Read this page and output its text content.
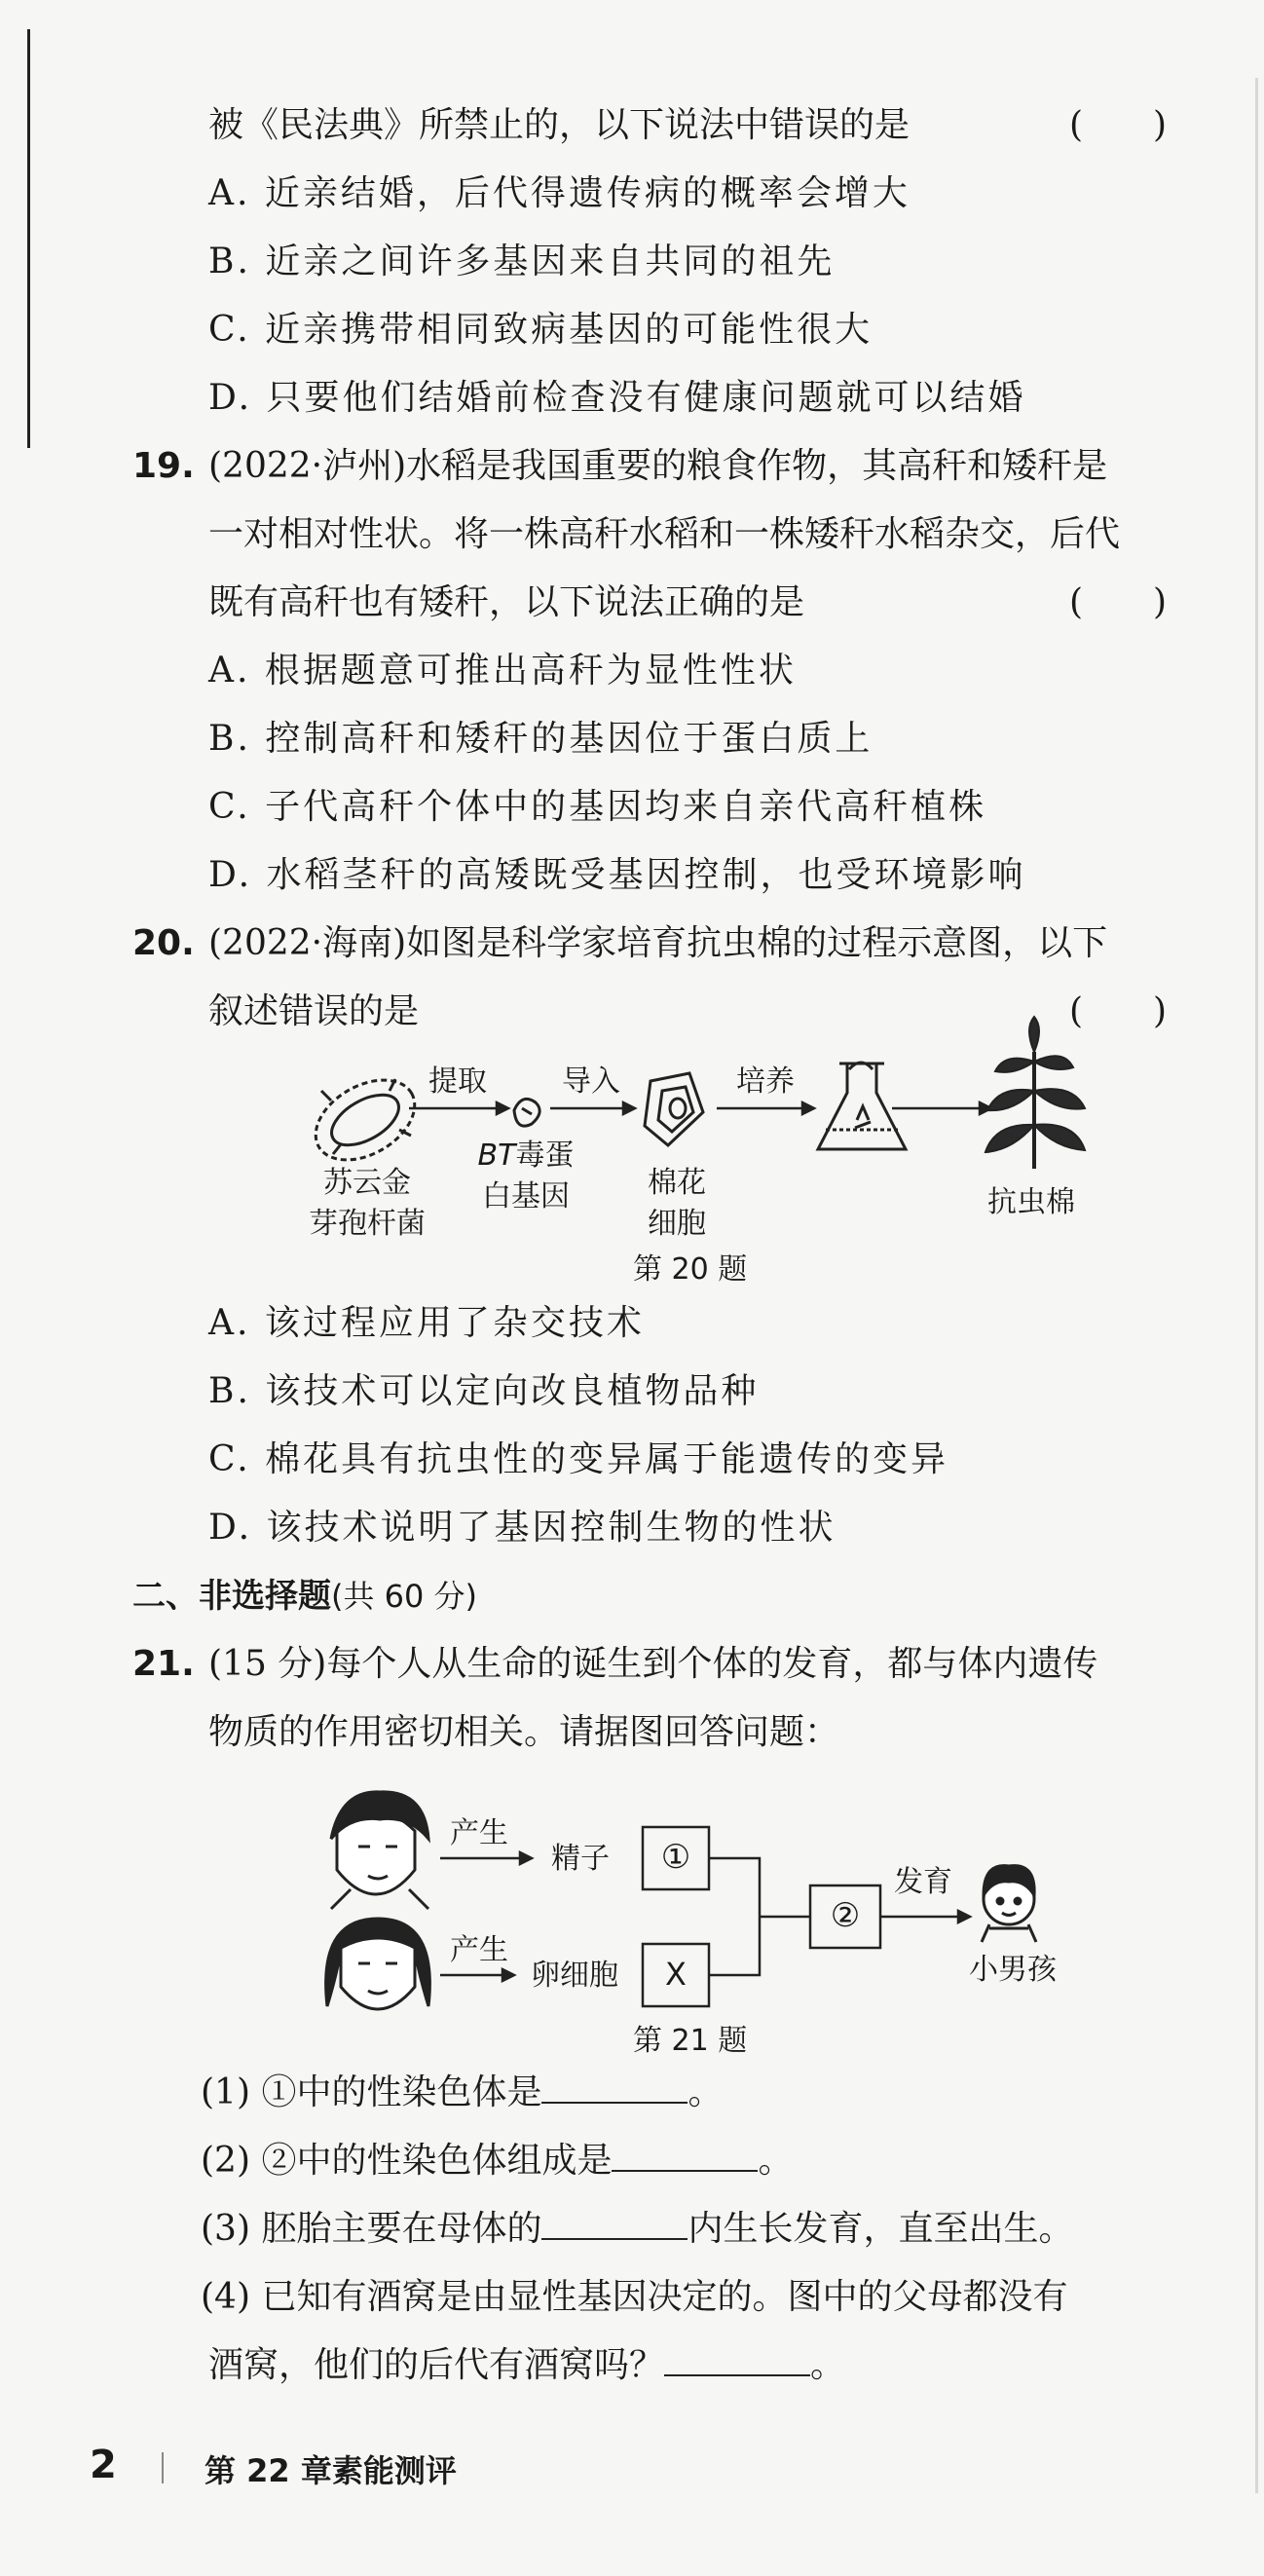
被《民法典》所禁止的，以下说法中错误的是	(　　)
A. 近亲结婚，后代得遗传病的概率会增大
B. 近亲之间许多基因来自共同的祖先
C. 近亲携带相同致病基因的可能性很大
D. 只要他们结婚前检查没有健康问题就可以结婚
19. (2022·泸州)水稻是我国重要的粮食作物，其高秆和矮秆是
一对相对性状。将一株高秆水稻和一株矮秆水稻杂交，后代
既有高秆也有矮秆，以下说法正确的是	(　　)
A. 根据题意可推出高秆为显性性状
B. 控制高秆和矮秆的基因位于蛋白质上
C. 子代高秆个体中的基因均来自亲代高秆植株
D. 水稻茎秆的高矮既受基因控制，也受环境影响
20. (2022·海南)如图是科学家培育抗虫棉的过程示意图，以下
叙述错误的是	(　　)
提取	导入	培养
苏云金
芽孢杆菌
BT毒蛋
白基因	棉花
细胞
抗虫棉
第 20 题
A. 该过程应用了杂交技术
B. 该技术可以定向改良植物品种
C. 棉花具有抗虫性的变异属于能遗传的变异
D. 该技术说明了基因控制生物的性状
二、非选择题(共 60 分)
21. (15 分)每个人从生命的诞生到个体的发育，都与体内遗传
物质的作用密切相关。请据图回答问题：
产生
产生
精子
卵细胞
①
X
②
发育
小男孩
第 21 题
(1) ①中的性染色体是	。
(2) ②中的性染色体组成是	。
(3) 胚胎主要在母体的	内生长发育，直至出生。
(4) 已知有酒窝是由显性基因决定的。图中的父母都没有
酒窝，他们的后代有酒窝吗？	。
2	第 22 章素能测评
